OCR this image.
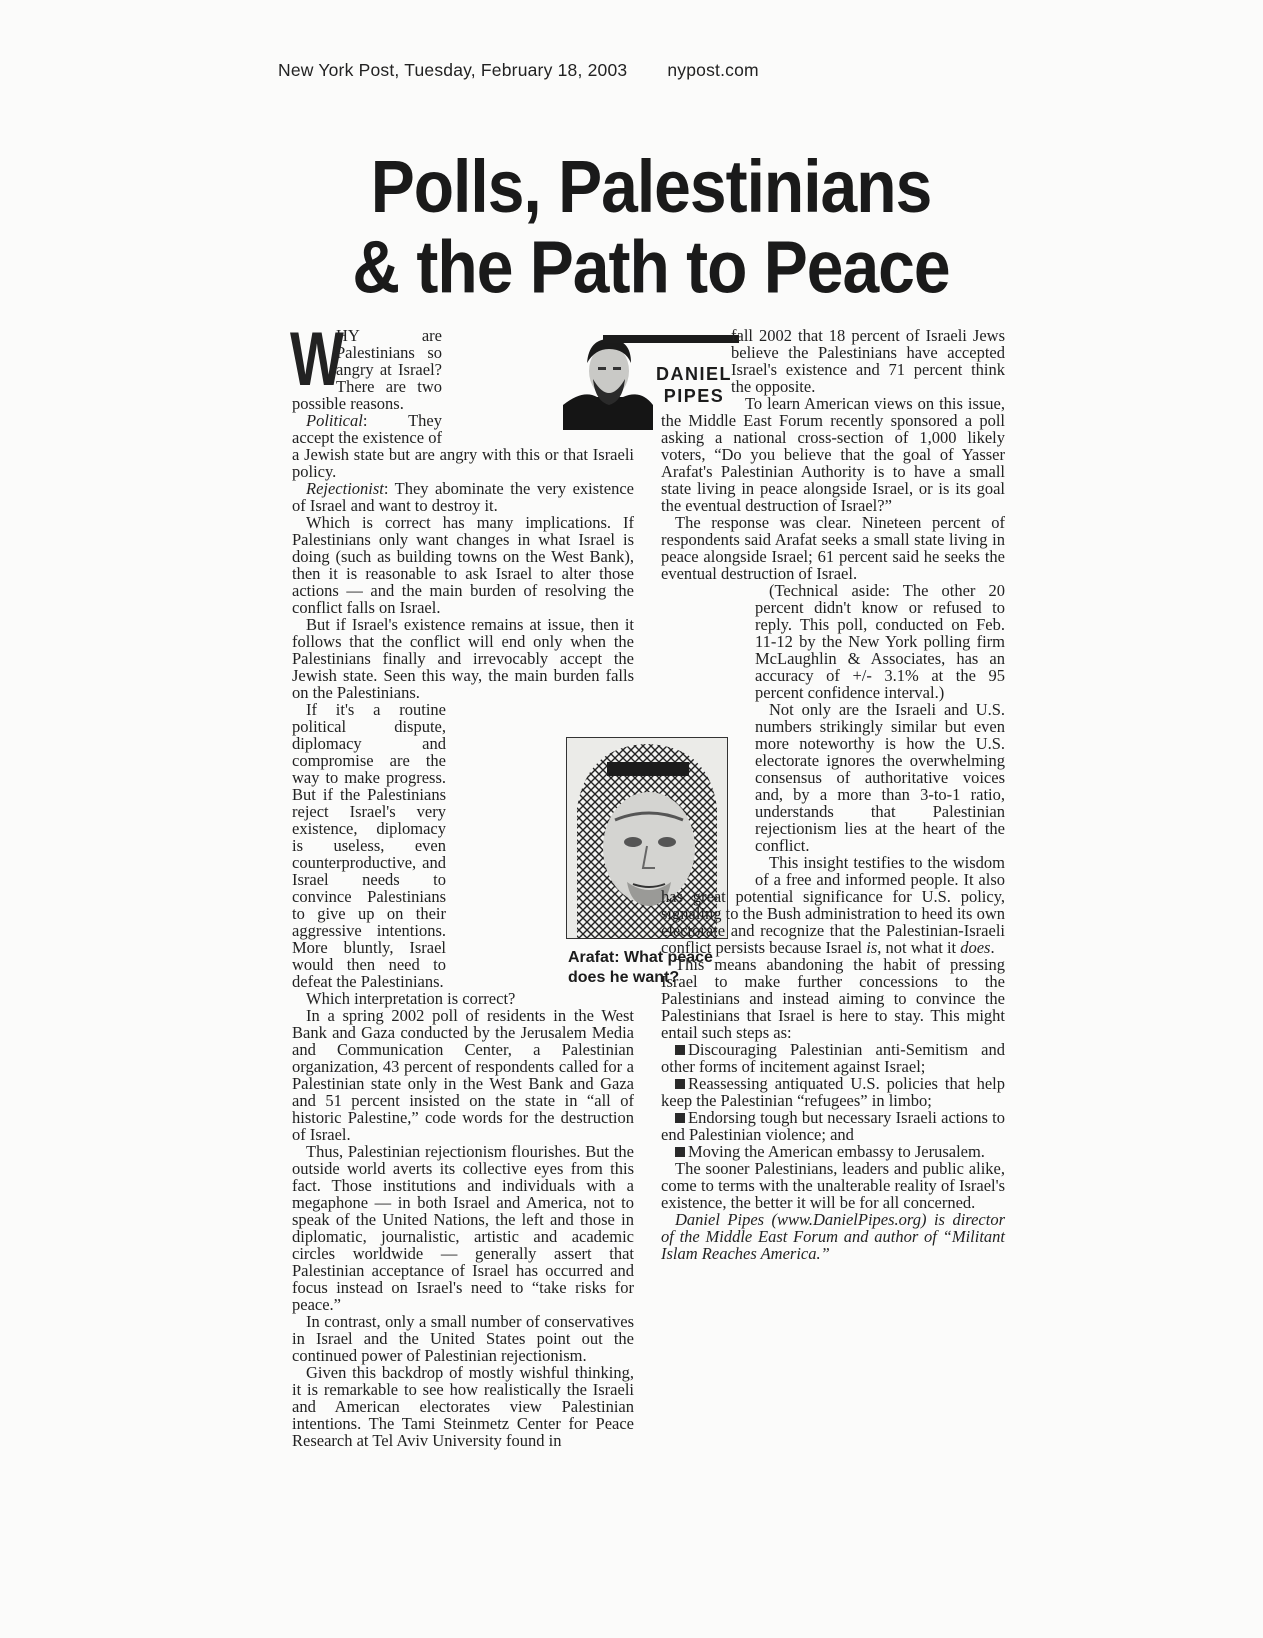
New York Post, Tuesday, February 18, 2003 nypost.com
Polls, Palestinians
& the Path to Peace
DANIEL
PIPES
Arafat: What peace does he want?

W
HY are Palestinians so angry at Israel? There are two possible reasons.

Political: They accept the existence of a Jewish state but are angry with this or that Israeli policy.

Rejectionist: They abominate the very existence of Israel and want to destroy it.

Which is correct has many implications. If Palestinians only want changes in what Israel is doing (such as building towns on the West Bank), then it is reasonable to ask Israel to alter those actions — and the main burden of resolving the conflict falls on Israel.

But if Israel's existence remains at issue, then it follows that the conflict will end only when the Palestinians finally and irrevocably accept the Jewish state. Seen this way, the main burden falls on the Palestinians.

If it's a routine political dispute, diplomacy and compromise are the way to make progress. But if the Palestinians reject Israel's very existence, diplomacy is useless, even counterproductive, and Israel needs to convince Palestinians to give up on their aggressive intentions. More bluntly, Israel would then need to defeat the Palestinians.

Which interpretation is correct?

In a spring 2002 poll of residents in the West Bank and Gaza conducted by the Jerusalem Media and Communication Center, a Palestinian organization, 43 percent of respondents called for a Palestinian state only in the West Bank and Gaza and 51 percent insisted on the state in “all of historic Palestine,” code words for the destruction of Israel.

Thus, Palestinian rejectionism flourishes. But the outside world averts its collective eyes from this fact. Those institutions and individuals with a megaphone — in both Israel and America, not to speak of the United Nations, the left and those in diplomatic, journalistic, artistic and academic circles worldwide — generally assert that Palestinian acceptance of Israel has occurred and focus instead on Israel's need to “take risks for peace.”

In contrast, only a small number of conservatives in Israel and the United States point out the continued power of Palestinian rejectionism.

Given this backdrop of mostly wishful thinking, it is remarkable to see how realistically the Israeli and American electorates view Palestinian intentions. The Tami Steinmetz Center for Peace Research at Tel Aviv University found in

fall 2002 that 18 percent of Israeli Jews believe the Palestinians have accepted Israel's existence and 71 percent think the opposite.

To learn American views on this issue, the Middle East Forum recently sponsored a poll asking a national cross-section of 1,000 likely voters, “Do you believe that the goal of Yasser Arafat's Palestinian Authority is to have a small state living in peace alongside Israel, or is its goal the eventual destruction of Israel?”

The response was clear. Nineteen percent of respondents said Arafat seeks a small state living in peace alongside Israel; 61 percent said he seeks the eventual destruction of Israel.

(Technical aside: The other 20 percent didn't know or refused to reply. This poll, conducted on Feb. 11-12 by the New York polling firm McLaughlin & Associates, has an accuracy of +/- 3.1% at the 95 percent confidence interval.)

Not only are the Israeli and U.S. numbers strikingly similar but even more noteworthy is how the U.S. electorate ignores the overwhelming consensus of authoritative voices and, by a more than 3-to-1 ratio, understands that Palestinian rejectionism lies at the heart of the conflict.

This insight testifies to the wisdom of a free and informed people. It also has great potential significance for U.S. policy, signaling to the Bush administration to heed its own electorate and recognize that the Palestinian-Israeli conflict persists because Israel is, not what it does.

This means abandoning the habit of pressing Israel to make further concessions to the Palestinians and instead aiming to convince the Palestinians that Israel is here to stay. This might entail such steps as:

Discouraging Palestinian anti-Semitism and other forms of incitement against Israel;

Reassessing antiquated U.S. policies that help keep the Palestinian “refugees” in limbo;

Endorsing tough but necessary Israeli actions to end Palestinian violence; and

Moving the American embassy to Jerusalem.

The sooner Palestinians, leaders and public alike, come to terms with the unalterable reality of Israel's existence, the better it will be for all concerned.

Daniel Pipes (www.DanielPipes.org) is director of the Middle East Forum and author of “Militant Islam Reaches America.”
